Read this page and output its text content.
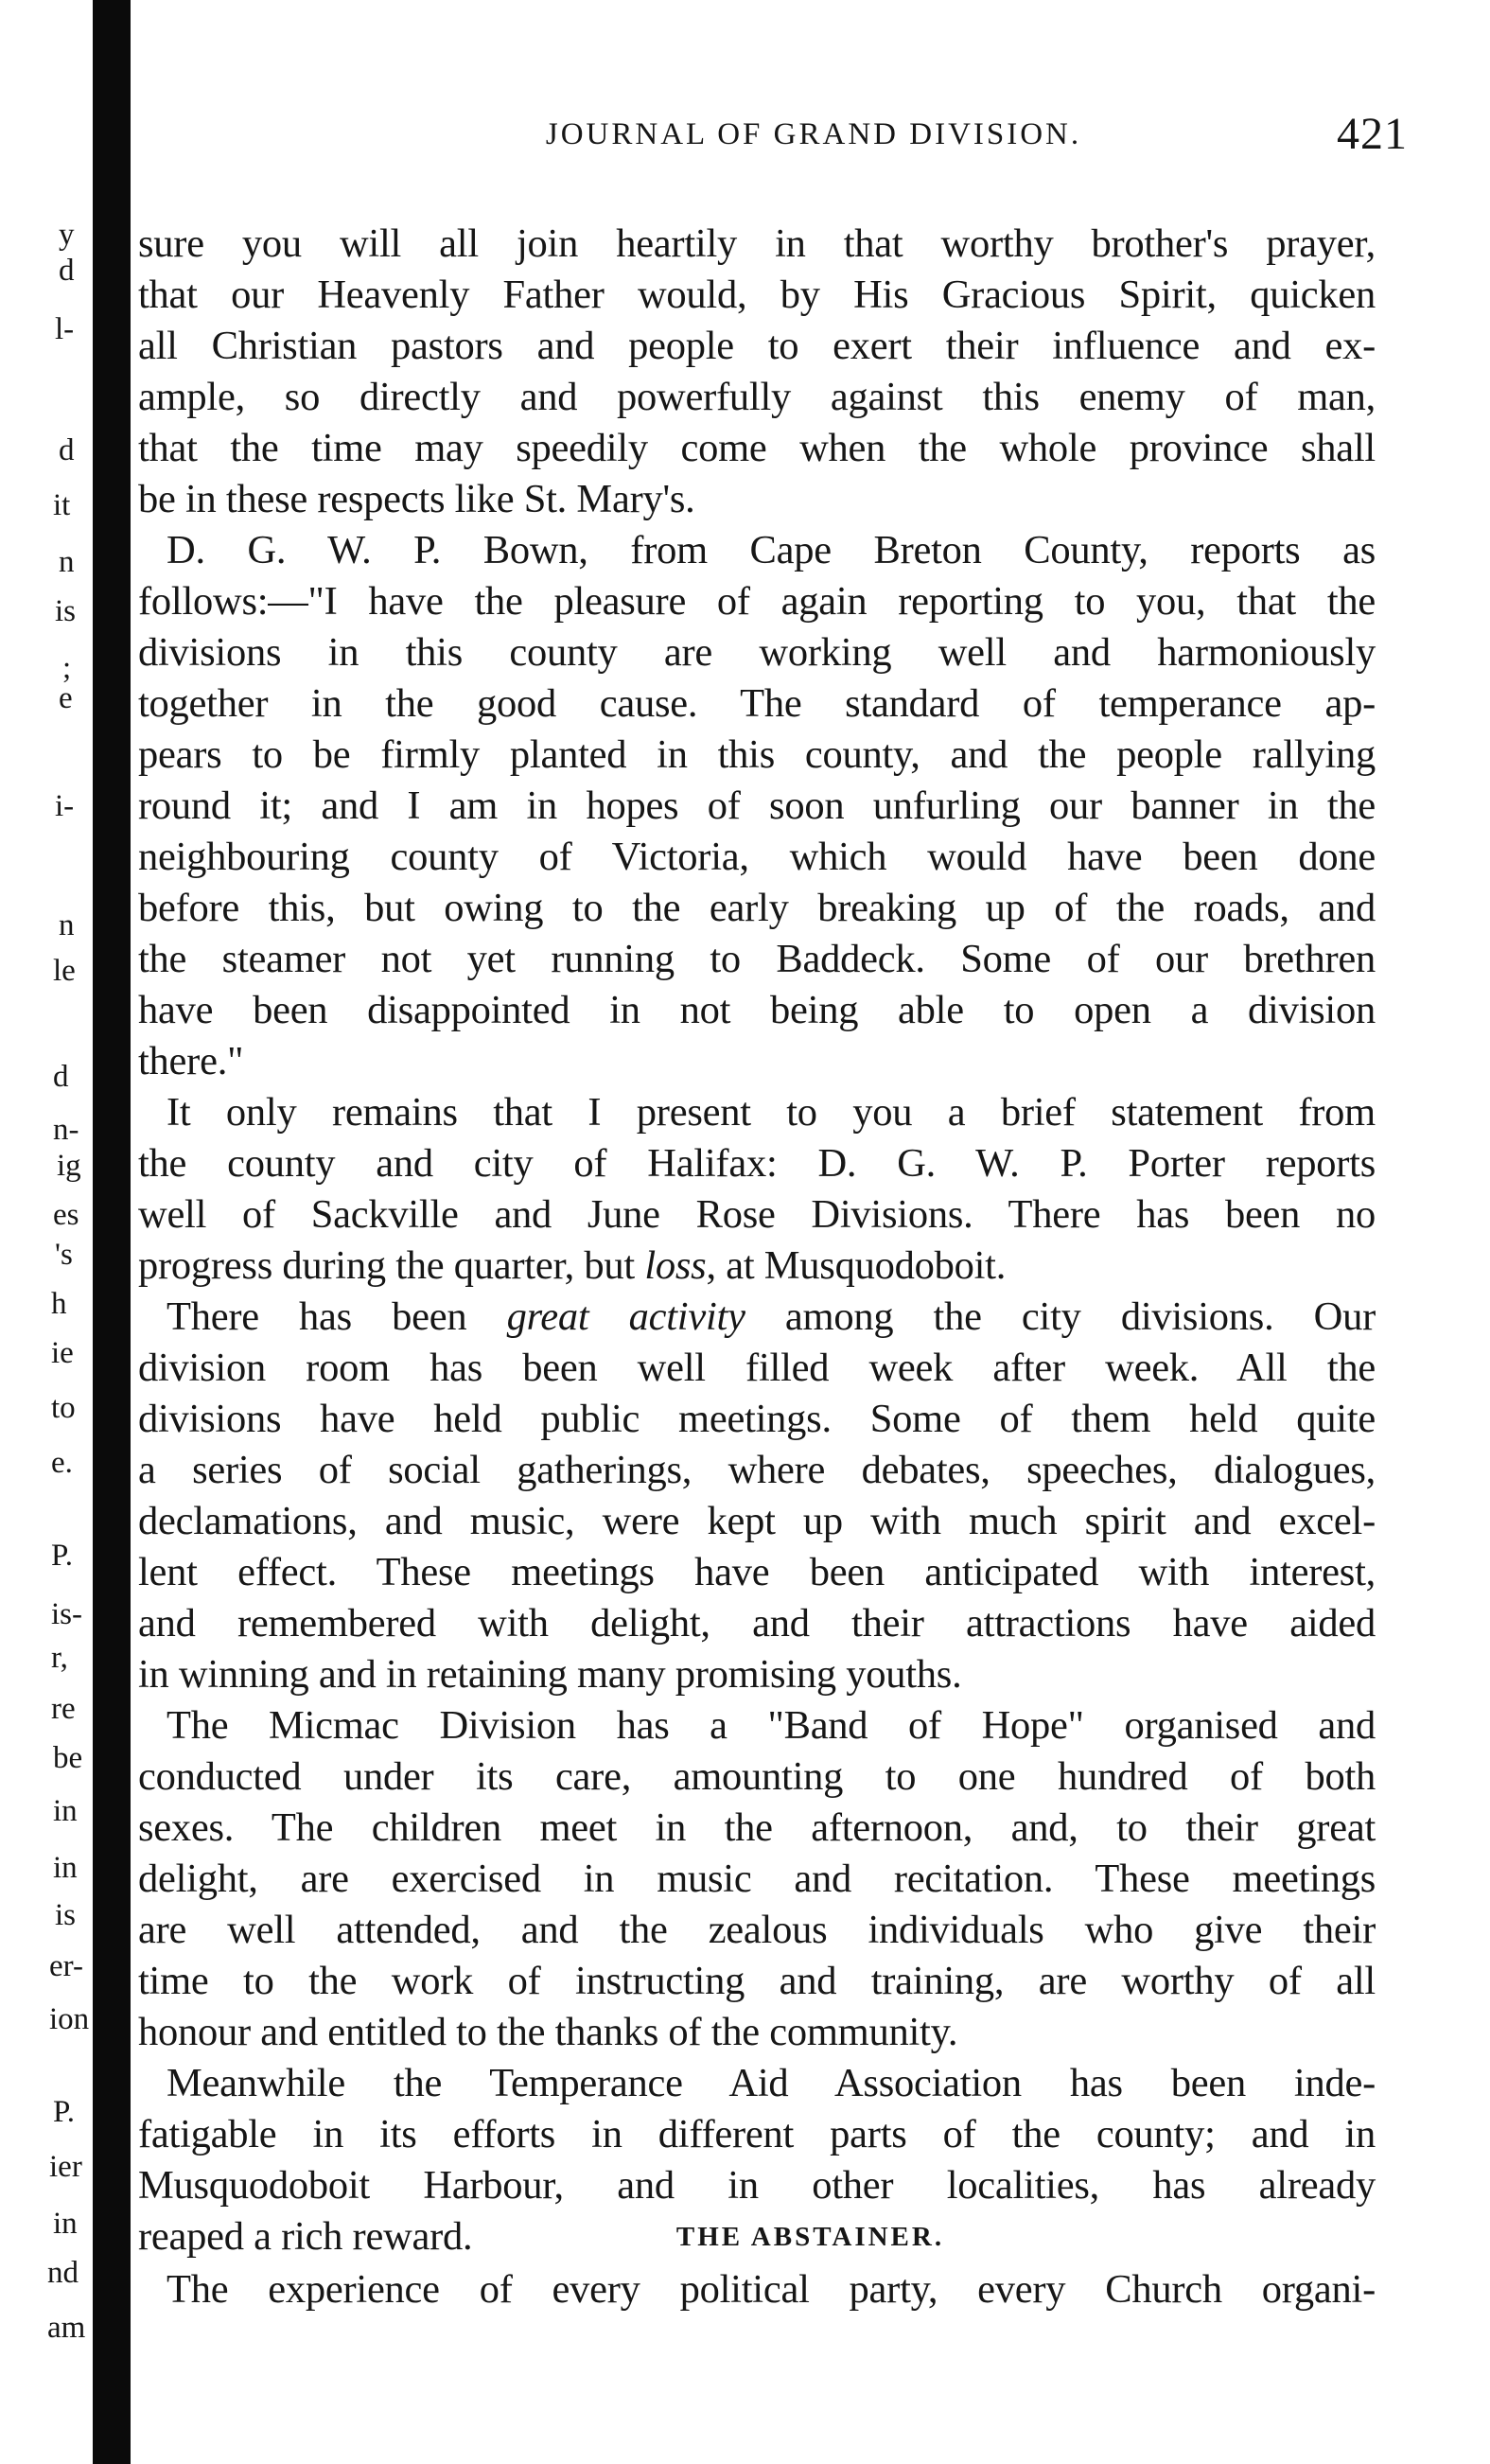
y
d
l-
d
it
n
is
;
e
i-
n
le
d
n-
ig
es
's
h
ie
to
e.
P.
is-
r,
re
be
in
in
is
er-
ion
P.
ier
in
nd
am
JOURNAL OF GRAND DIVISION.	421
sure you will all join heartily in that worthy brother's prayer,
that our Heavenly Father would, by His Gracious Spirit, quicken
all Christian pastors and people to exert their influence and ex-
ample, so directly and powerfully against this enemy of man,
that the time may speedily come when the whole province shall
be in these respects like St. Mary's.
D. G. W. P. Bown, from Cape Breton County, reports as
follows:—"I have the pleasure of again reporting to you, that the
divisions in this county are working well and harmoniously
together in the good cause. The standard of temperance ap-
pears to be firmly planted in this county, and the people rallying
round it; and I am in hopes of soon unfurling our banner in the
neighbouring county of Victoria, which would have been done
before this, but owing to the early breaking up of the roads, and
the steamer not yet running to Baddeck. Some of our brethren
have been disappointed in not being able to open a division
there."
It only remains that I present to you a brief statement from
the county and city of Halifax: D. G. W. P. Porter reports
well of Sackville and June Rose Divisions. There has been no
progress during the quarter, but loss, at Musquodoboit.
There has been great activity among the city divisions. Our
division room has been well filled week after week. All the
divisions have held public meetings. Some of them held quite
a series of social gatherings, where debates, speeches, dialogues,
declamations, and music, were kept up with much spirit and excel-
lent effect. These meetings have been anticipated with interest,
and remembered with delight, and their attractions have aided
in winning and in retaining many promising youths.
The Micmac Division has a "Band of Hope" organised and
conducted under its care, amounting to one hundred of both
sexes. The children meet in the afternoon, and, to their great
delight, are exercised in music and recitation. These meetings
are well attended, and the zealous individuals who give their
time to the work of instructing and training, are worthy of all
honour and entitled to the thanks of the community.
Meanwhile the Temperance Aid Association has been inde-
fatigable in its efforts in different parts of the county; and in
Musquodoboit Harbour, and in other localities, has already
reaped a rich reward.	THE ABSTAINER.
The experience of every political party, every Church organi-
